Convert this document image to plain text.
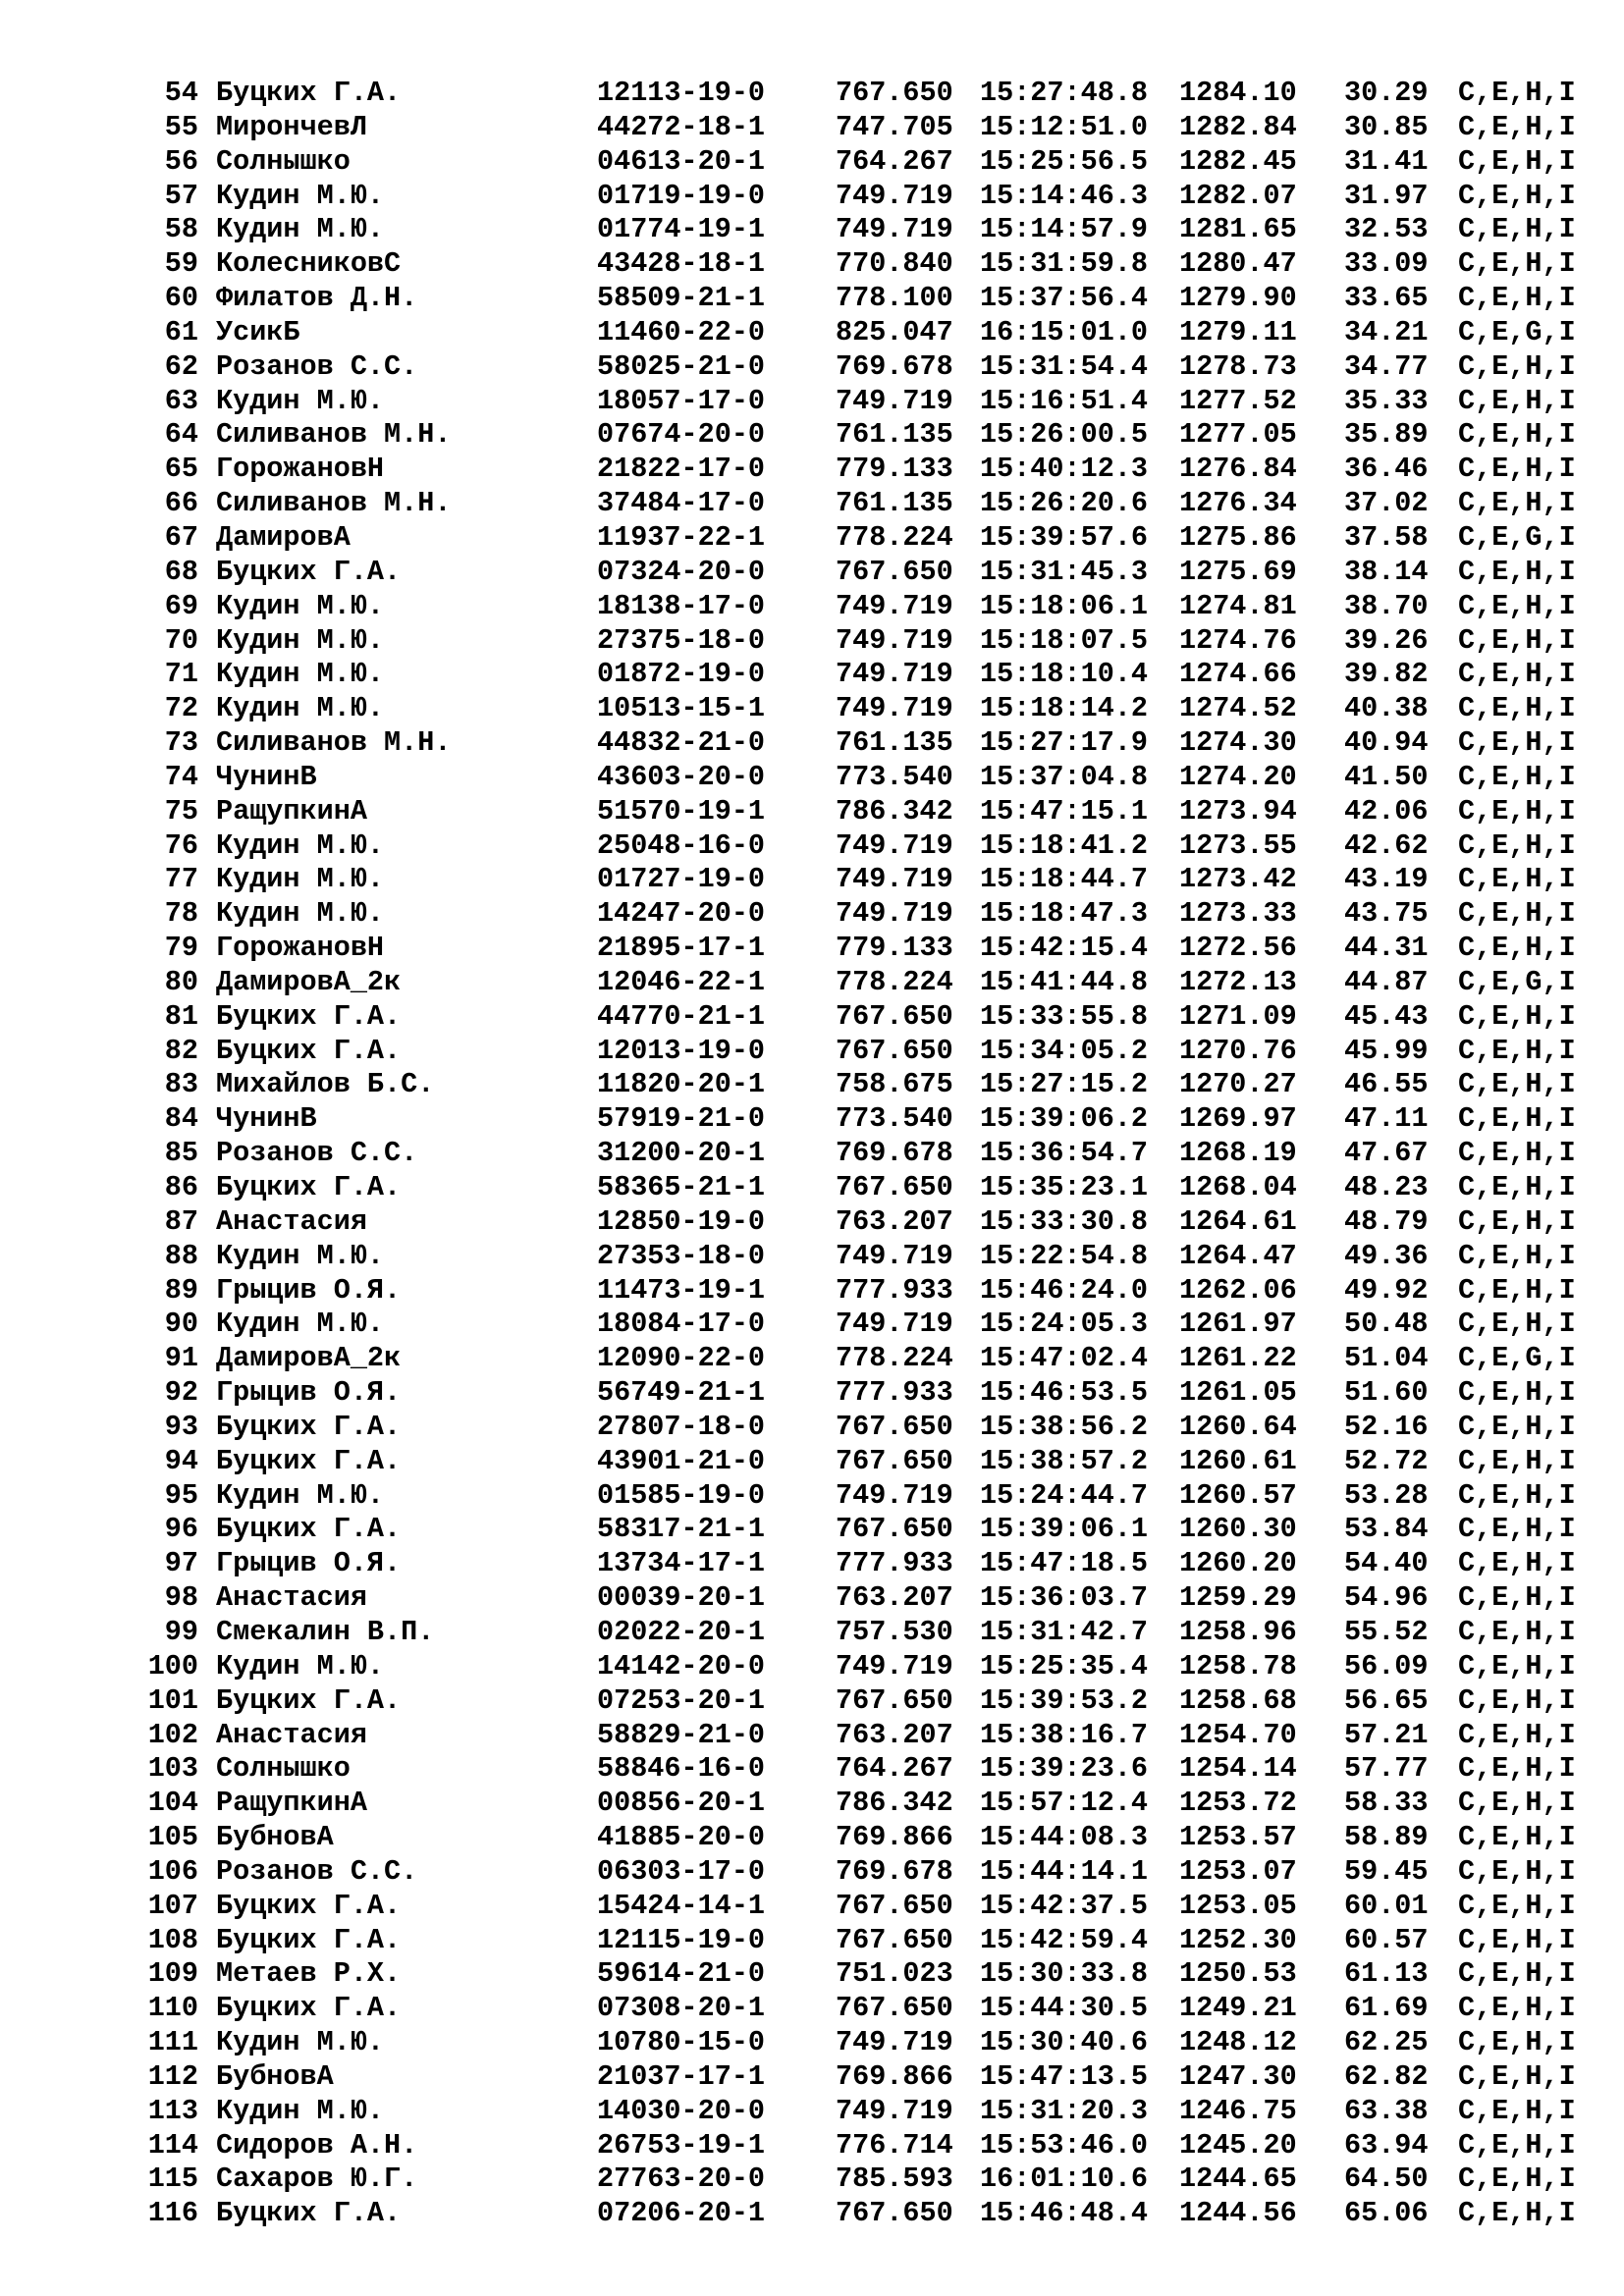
54 Буцких Г.А.	12113-19-0	767.650 15:27:48.8 1284.10 30.29 C,E,H,I
55 МирончевЛ	44272-18-1	747.705 15:12:51.0 1282.84 30.85 C,E,H,I
56 Солнышко	04613-20-1	764.267 15:25:56.5 1282.45 31.41 C,E,H,I
57 Кудин М.Ю.	01719-19-0	749.719 15:14:46.3 1282.07 31.97 C,E,H,I
58 Кудин М.Ю.	01774-19-1	749.719 15:14:57.9 1281.65 32.53 C,E,H,I
59 КолесниковС	43428-18-1	770.840 15:31:59.8 1280.47 33.09 C,E,H,I
60 Филатов Д.Н.	58509-21-1	778.100 15:37:56.4 1279.90 33.65 C,E,H,I
61 УсикБ	11460-22-0	825.047 16:15:01.0 1279.11 34.21 C,E,G,I
62 Розанов С.С.	58025-21-0	769.678 15:31:54.4 1278.73 34.77 C,E,H,I
63 Кудин М.Ю.	18057-17-0	749.719 15:16:51.4 1277.52 35.33 C,E,H,I
64 Силиванов М.Н.	07674-20-0	761.135 15:26:00.5 1277.05 35.89 C,E,H,I
65 ГорожановН	21822-17-0	779.133 15:40:12.3 1276.84 36.46 C,E,H,I
66 Силиванов М.Н.	37484-17-0	761.135 15:26:20.6 1276.34 37.02 C,E,H,I
67 ДамировА	11937-22-1	778.224 15:39:57.6 1275.86 37.58 C,E,G,I
68 Буцких Г.А.	07324-20-0	767.650 15:31:45.3 1275.69 38.14 C,E,H,I
69 Кудин М.Ю.	18138-17-0	749.719 15:18:06.1 1274.81 38.70 C,E,H,I
70 Кудин М.Ю.	27375-18-0	749.719 15:18:07.5 1274.76 39.26 C,E,H,I
71 Кудин М.Ю.	01872-19-0	749.719 15:18:10.4 1274.66 39.82 C,E,H,I
72 Кудин М.Ю.	10513-15-1	749.719 15:18:14.2 1274.52 40.38 C,E,H,I
73 Силиванов М.Н.	44832-21-0	761.135 15:27:17.9 1274.30 40.94 C,E,H,I
74 ЧунинВ	43603-20-0	773.540 15:37:04.8 1274.20 41.50 C,E,H,I
75 РащупкинА	51570-19-1	786.342 15:47:15.1 1273.94 42.06 C,E,H,I
76 Кудин М.Ю.	25048-16-0	749.719 15:18:41.2 1273.55 42.62 C,E,H,I
77 Кудин М.Ю.	01727-19-0	749.719 15:18:44.7 1273.42 43.19 C,E,H,I
78 Кудин М.Ю.	14247-20-0	749.719 15:18:47.3 1273.33 43.75 C,E,H,I
79 ГорожановН	21895-17-1	779.133 15:42:15.4 1272.56 44.31 C,E,H,I
80 ДамировА_2к	12046-22-1	778.224 15:41:44.8 1272.13 44.87 C,E,G,I
81 Буцких Г.А.	44770-21-1	767.650 15:33:55.8 1271.09 45.43 C,E,H,I
82 Буцких Г.А.	12013-19-0	767.650 15:34:05.2 1270.76 45.99 C,E,H,I
83 Михайлов Б.С.	11820-20-1	758.675 15:27:15.2 1270.27 46.55 C,E,H,I
84 ЧунинВ	57919-21-0	773.540 15:39:06.2 1269.97 47.11 C,E,H,I
85 Розанов С.С.	31200-20-1	769.678 15:36:54.7 1268.19 47.67 C,E,H,I
86 Буцких Г.А.	58365-21-1	767.650 15:35:23.1 1268.04 48.23 C,E,H,I
87 Анастасия	12850-19-0	763.207 15:33:30.8 1264.61 48.79 C,E,H,I
88 Кудин М.Ю.	27353-18-0	749.719 15:22:54.8 1264.47 49.36 C,E,H,I
89 Грыцив О.Я.	11473-19-1	777.933 15:46:24.0 1262.06 49.92 C,E,H,I
90 Кудин М.Ю.	18084-17-0	749.719 15:24:05.3 1261.97 50.48 C,E,H,I
91 ДамировА_2к	12090-22-0	778.224 15:47:02.4 1261.22 51.04 C,E,G,I
92 Грыцив О.Я.	56749-21-1	777.933 15:46:53.5 1261.05 51.60 C,E,H,I
93 Буцких Г.А.	27807-18-0	767.650 15:38:56.2 1260.64 52.16 C,E,H,I
94 Буцких Г.А.	43901-21-0	767.650 15:38:57.2 1260.61 52.72 C,E,H,I
95 Кудин М.Ю.	01585-19-0	749.719 15:24:44.7 1260.57 53.28 C,E,H,I
96 Буцких Г.А.	58317-21-1	767.650 15:39:06.1 1260.30 53.84 C,E,H,I
97 Грыцив О.Я.	13734-17-1	777.933 15:47:18.5 1260.20 54.40 C,E,H,I
98 Анастасия	00039-20-1	763.207 15:36:03.7 1259.29 54.96 C,E,H,I
99 Смекалин В.П.	02022-20-1	757.530 15:31:42.7 1258.96 55.52 C,E,H,I
100 Кудин М.Ю.	14142-20-0	749.719 15:25:35.4 1258.78 56.09 C,E,H,I
101 Буцких Г.А.	07253-20-1	767.650 15:39:53.2 1258.68 56.65 C,E,H,I
102 Анастасия	58829-21-0	763.207 15:38:16.7 1254.70 57.21 C,E,H,I
103 Солнышко	58846-16-0	764.267 15:39:23.6 1254.14 57.77 C,E,H,I
104 РащупкинА	00856-20-1	786.342 15:57:12.4 1253.72 58.33 C,E,H,I
105 БубновА	41885-20-0	769.866 15:44:08.3 1253.57 58.89 C,E,H,I
106 Розанов С.С.	06303-17-0	769.678 15:44:14.1 1253.07 59.45 C,E,H,I
107 Буцких Г.А.	15424-14-1	767.650 15:42:37.5 1253.05 60.01 C,E,H,I
108 Буцких Г.А.	12115-19-0	767.650 15:42:59.4 1252.30 60.57 C,E,H,I
109 Метаев Р.Х.	59614-21-0	751.023 15:30:33.8 1250.53 61.13 C,E,H,I
110 Буцких Г.А.	07308-20-1	767.650 15:44:30.5 1249.21 61.69 C,E,H,I
111 Кудин М.Ю.	10780-15-0	749.719 15:30:40.6 1248.12 62.25 C,E,H,I
112 БубновА	21037-17-1	769.866 15:47:13.5 1247.30 62.82 C,E,H,I
113 Кудин М.Ю.	14030-20-0	749.719 15:31:20.3 1246.75 63.38 C,E,H,I
114 Сидоров А.Н.	26753-19-1	776.714 15:53:46.0 1245.20 63.94 C,E,H,I
115 Сахаров Ю.Г.	27763-20-0	785.593 16:01:10.6 1244.65 64.50 C,E,H,I
116 Буцких Г.А.	07206-20-1	767.650 15:46:48.4 1244.56 65.06 C,E,H,I
